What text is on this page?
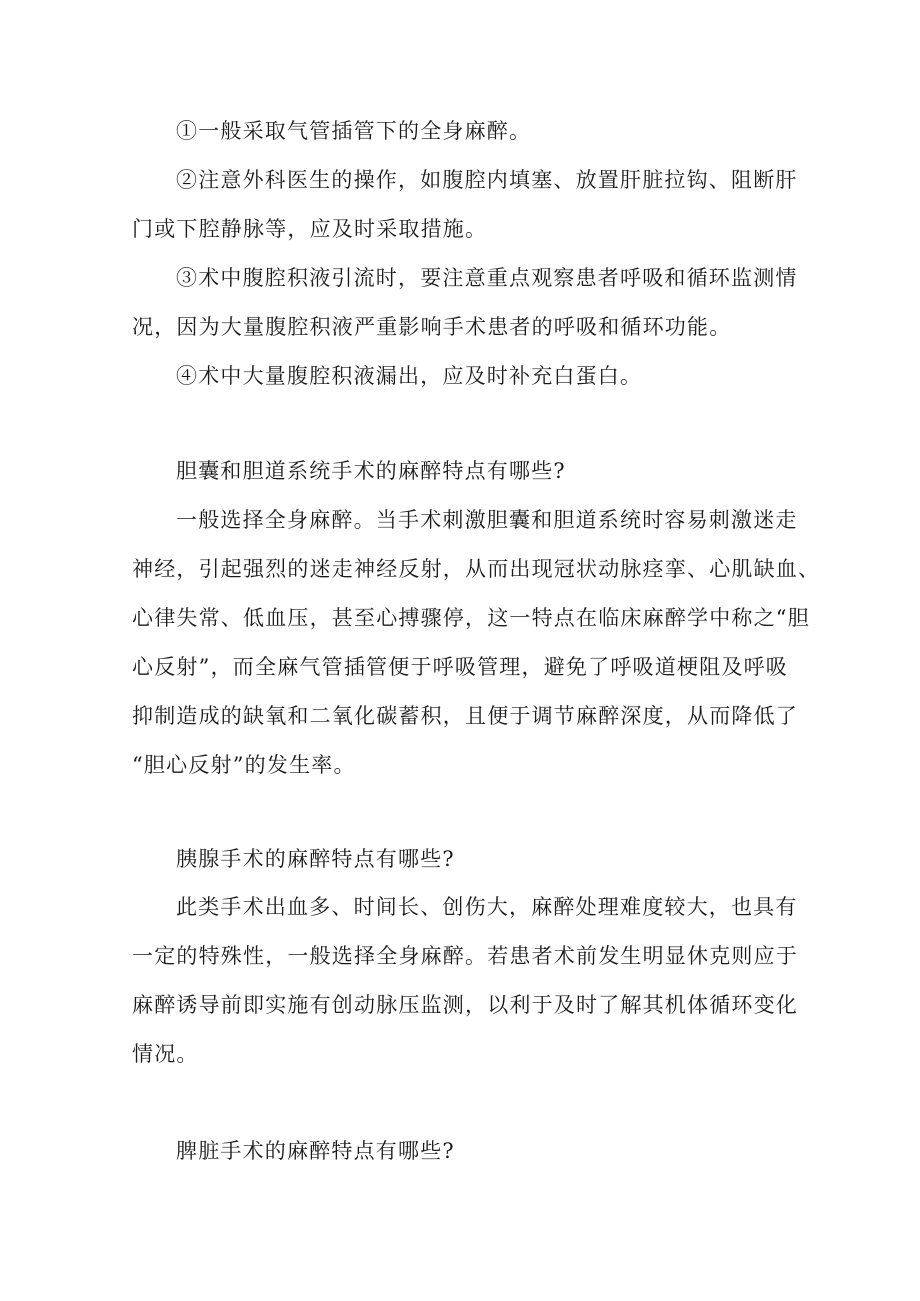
①一般采取气管插管下的全身麻醉。
②注意外科医生的操作，如腹腔内填塞、放置肝脏拉钩、阻断肝
门或下腔静脉等，应及时采取措施。
③术中腹腔积液引流时，要注意重点观察患者呼吸和循环监测情
况，因为大量腹腔积液严重影响手术患者的呼吸和循环功能。
④术中大量腹腔积液漏出，应及时补充白蛋白。
胆囊和胆道系统手术的麻醉特点有哪些?
一般选择全身麻醉。当手术刺激胆囊和胆道系统时容易刺激迷走
神经，引起强烈的迷走神经反射，从而出现冠状动脉痉挛、心肌缺血、
心律失常、低血压，甚至心搏骤停，这一特点在临床麻醉学中称之“胆
心反射”，而全麻气管插管便于呼吸管理，避免了呼吸道梗阻及呼吸
抑制造成的缺氧和二氧化碳蓄积，且便于调节麻醉深度，从而降低了
“胆心反射”的发生率。
胰腺手术的麻醉特点有哪些?
此类手术出血多、时间长、创伤大，麻醉处理难度较大，也具有
一定的特殊性，一般选择全身麻醉。若患者术前发生明显休克则应于
麻醉诱导前即实施有创动脉压监测，以利于及时了解其机体循环变化
情况。
脾脏手术的麻醉特点有哪些?
